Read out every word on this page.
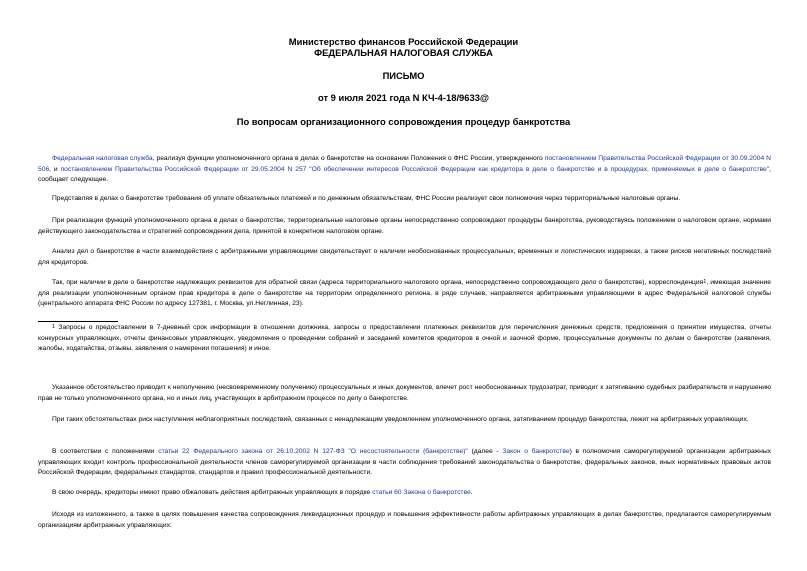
Министерство финансов Российской Федерации
ФЕДЕРАЛЬНАЯ НАЛОГОВАЯ СЛУЖБА
ПИСЬМО
от 9 июля 2021 года N КЧ-4-18/9633@
По вопросам организационного сопровождения процедур банкротства
Федеральная налоговая служба, реализуя функции уполномоченного органа в делах о банкротстве на основании Положения о ФНС России, утвержденного постановлением Правительства Российской Федерации от 30.09.2004 N 506, и постановлением Правительства Российской Федерации от 29.05.2004 N 257 "Об обеспечении интересов Российской Федерации как кредитора в деле о банкротстве и в процедурах, применяемых в деле о банкротстве", сообщает следующее.
Представляя в делах о банкротстве требования об уплате обязательных платежей и по денежным обязательствам, ФНС России реализует свои полномочия через территориальные налоговые органы.
При реализации функций уполномоченного органа в делах о банкротстве, территориальные налоговые органы непосредственно сопровождают процедуры банкротства, руководствуясь положением о налоговом органе, нормами действующего законодательства и стратегией сопровождения дела, принятой в конкретном налоговом органе.
Анализ дел о банкротстве в части взаимодействия с арбитражными управляющими свидетельствует о наличии необоснованных процессуальных, временных и логистических издержках, а также рисков негативных последствий для кредиторов.
Так, при наличии в деле о банкротстве надлежащих реквизитов для обратной связи (адреса территориального налогового органа, непосредственно сопровождающего дело о банкротстве), корреспонденция1, имеющая значение для реализации уполномоченным органом прав кредитора в деле о банкротстве на территории определенного региона, в ряде случаев, направляется арбитражными управляющими в адрес Федеральной налоговой службы (центрального аппарата ФНС России по адресу 127381, г. Москва, ул.Неглинная, 23).
1 Запросы о предоставлении в 7-дневный срок информации в отношении должника, запросы о предоставлении платежных реквизитов для перечисления денежных средств, предложения о принятии имущества, отчеты конкурсных управляющих, отчеты финансовых управляющих, уведомления о проведении собраний и заседаний комитетов кредиторов в очной и заочной форме, процессуальные документы по делам о банкротстве (заявления, жалобы, ходатайства, отзывы, заявления о намерении погашения) и иное.
Указанное обстоятельство приводит к неполучению (несвоевременному получению) процессуальных и иных документов, влечет рост необоснованных трудозатрат, приводит к затягиванию судебных разбирательств и нарушению прав не только уполномоченного органа, но и иных лиц, участвующих в арбитражном процессе по делу о банкротстве.
При таких обстоятельствах риск наступления неблагоприятных последствий, связанных с ненадлежащим уведомлением уполномоченного органа, затягиванием процедур банкротства, лежит на арбитражных управляющих.
В соответствии с положениями статьи 22 Федерального закона от 26.10.2002 N 127-ФЗ "О несостоятельности (банкротстве)" (далее - Закон о банкротстве) в полномочия саморегулируемой организации арбитражных управляющих входит контроль профессиональной деятельности членов саморегулируемой организации в части соблюдения требований законодательства о банкротстве, федеральных законов, иных нормативных правовых актов Российской Федерации, федеральных стандартов, стандартов и правил профессиональной деятельности.
В свою очередь, кредиторы имеют право обжаловать действия арбитражных управляющих в порядке статьи 60 Закона о банкротстве.
Исходя из изложенного, а также в целях повышения качества сопровождения ликвидационных процедур и повышения эффективности работы арбитражных управляющих в делах банкротстве, предлагается саморегулируемым организациям арбитражных управляющих:
